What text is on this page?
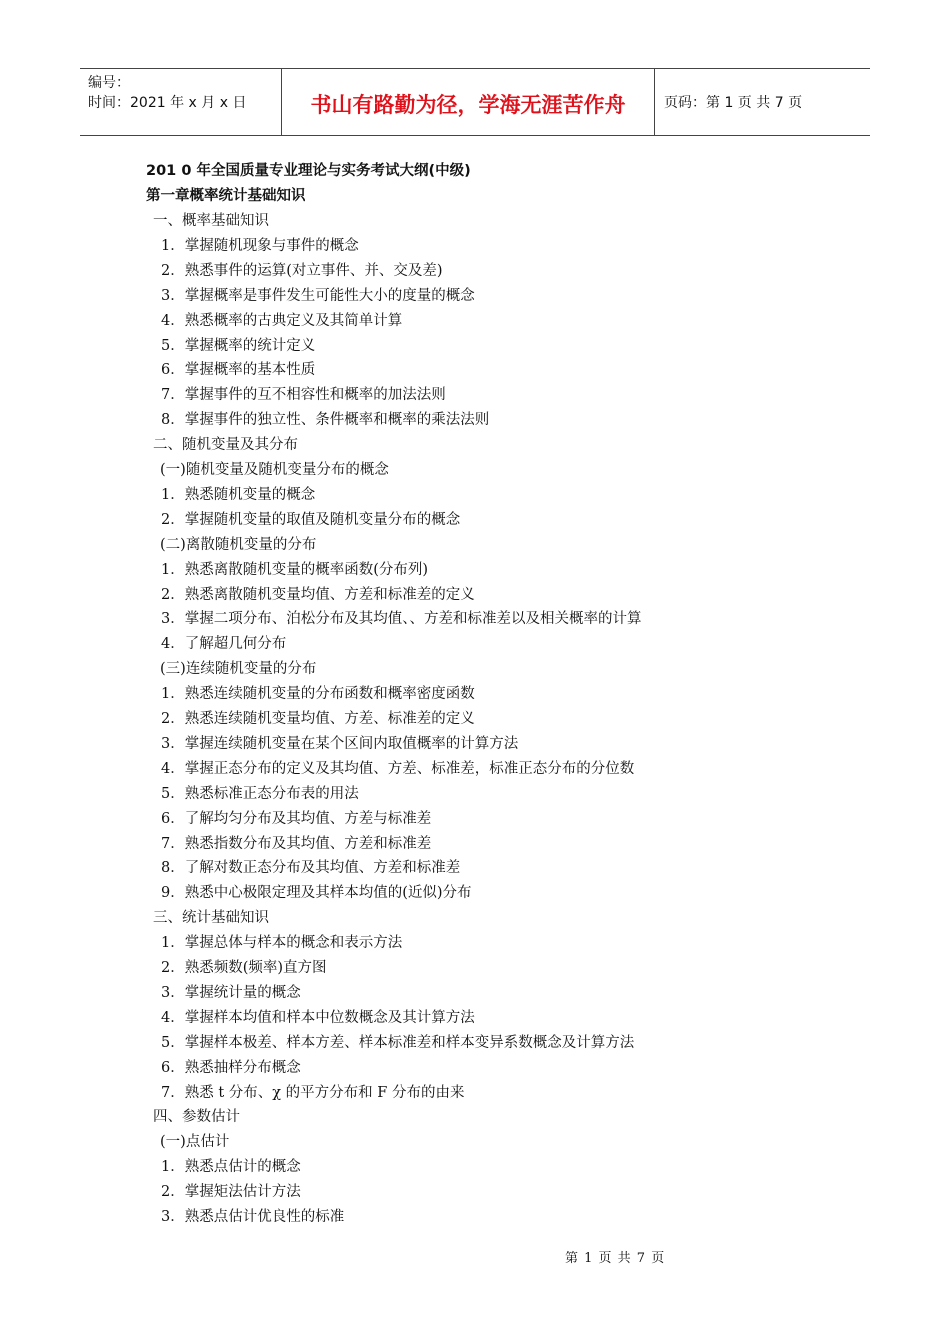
编号：
时间：2021 年 x 月 x 日	书山有路勤为径，学海无涯苦作舟	页码：第 1 页 共 7 页
201 0 年全国质量专业理论与实务考试大纲(中级)
第一章概率统计基础知识
一、概率基础知识
1．掌握随机现象与事件的概念
2．熟悉事件的运算(对立事件、并、交及差)
3．掌握概率是事件发生可能性大小的度量的概念
4．熟悉概率的古典定义及其简单计算
5．掌握概率的统计定义
6．掌握概率的基本性质
7．掌握事件的互不相容性和概率的加法法则
8．掌握事件的独立性、条件概率和概率的乘法法则
二、随机变量及其分布
(一)随机变量及随机变量分布的概念
1．熟悉随机变量的概念
2．掌握随机变量的取值及随机变量分布的概念
(二)离散随机变量的分布
1．熟悉离散随机变量的概率函数(分布列)
2．熟悉离散随机变量均值、方差和标准差的定义
3．掌握二项分布、泊松分布及其均值、、方差和标准差以及相关概率的计算
4．了解超几何分布
(三)连续随机变量的分布
1．熟悉连续随机变量的分布函数和概率密度函数
2．熟悉连续随机变量均值、方差、标准差的定义
3．掌握连续随机变量在某个区间内取值概率的计算方法
4．掌握正态分布的定义及其均值、方差、标准差，标准正态分布的分位数
5．熟悉标准正态分布表的用法
6．了解均匀分布及其均值、方差与标准差
7．熟悉指数分布及其均值、方差和标准差
8．了解对数正态分布及其均值、方差和标准差
9．熟悉中心极限定理及其样本均值的(近似)分布
三、统计基础知识
1．掌握总体与样本的概念和表示方法
2．熟悉频数(频率)直方图
3．掌握统计量的概念
4．掌握样本均值和样本中位数概念及其计算方法
5．掌握样本极差、样本方差、样本标准差和样本变异系数概念及计算方法
6．熟悉抽样分布概念
7．熟悉 t 分布、χ 的平方分布和 F 分布的由来
四、参数估计
(一)点估计
1．熟悉点估计的概念
2．掌握矩法估计方法
3．熟悉点估计优良性的标准
第 1 页 共 7 页
